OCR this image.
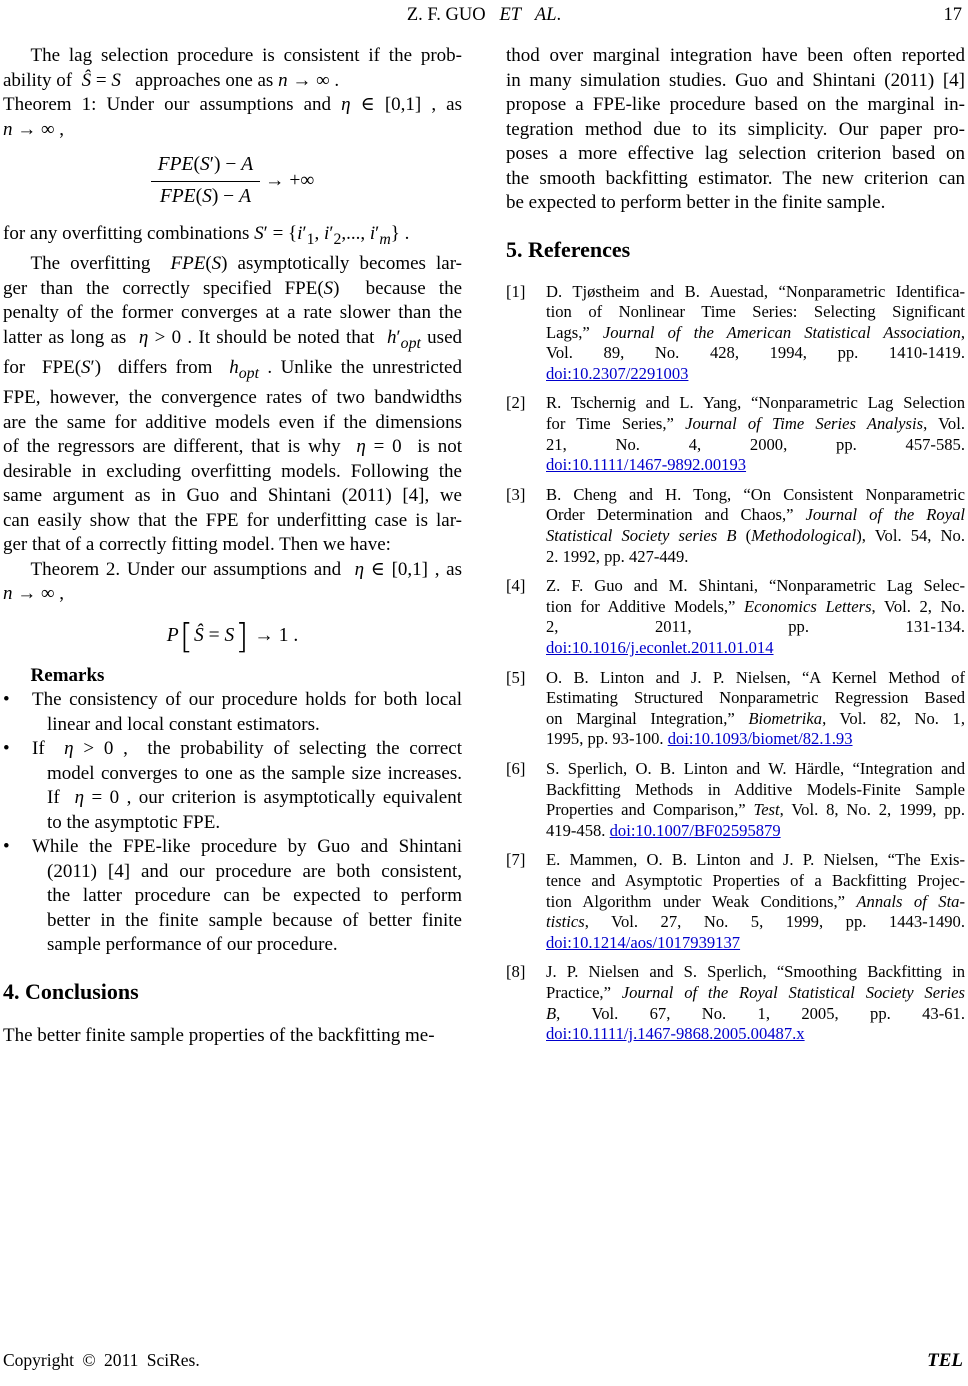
Z. F. GUO   ET AL.	17
The lag selection procedure is consistent if the prob-
ability of  Ŝ = S   approaches one as n → ∞ .
Theorem 1: Under our assumptions and η ∈ [0,1] , as
n → ∞ ,
$\frac{\text{FPE(S′) − A}}{\text{FPE(S) − A}}$ → +∞
for any overfitting combinations $S' = \{i'_1$, $i'_2$,..., $i'_m$} .
The overfitting  FPE(S) asymptotically becomes lar-
ger than the correctly specified FPE(S)  because the
penalty of the former converges at a rate slower than the
latter as long as  η > 0 . It should be noted that  $h'_{opt}$ used
for  FPE(S′)  differs from  $h_{opt}$ . Unlike the unrestricted
FPE, however, the convergence rates of two bandwidths
are the same for additive models even if the dimensions
of the regressors are different, that is why  η = 0  is not
desirable in excluding overfitting models. Following the
same argument as in Guo and Shintani (2011) [4], we
can easily show that the FPE for underfitting case is lar-
ger that of a correctly fitting model. Then we have:
Theorem 2. Under our assumptions and  η ∈ [0,1] , as
n → ∞ ,
P[Ŝ = S] → 1 .
Remarks
•	The consistency of our procedure holds for both local
linear and local constant estimators.
•	If  η > 0 ,  the probability of selecting the correct
model converges to one as the sample size increases.
If  η = 0 , our criterion is asymptotically equivalent
to the asymptotic FPE.
•	While the FPE-like procedure by Guo and Shintani
(2011) [4] and our procedure are both consistent,
the latter procedure can be expected to perform
better in the finite sample because of better finite
sample performance of our procedure.
4. Conclusions
The better finite sample properties of the backfitting me-
thod over marginal integration have been often reported
in many simulation studies. Guo and Shintani (2011) [4]
propose a FPE-like procedure based on the marginal in-
tegration method due to its simplicity. Our paper pro-
poses a more effective lag selection criterion based on
the smooth backfitting estimator. The new criterion can
be expected to perform better in the finite sample.
5. References
[1]	D. Tjøstheim and B. Auestad, “Nonparametric Identifica-
tion of Nonlinear Time Series: Selecting Significant
Lags,” Journal of the American Statistical Association,
Vol. 89, No. 428, 1994, pp. 1410-1419.
doi:10.2307/2291003
[2]	R. Tschernig and L. Yang, “Nonparametric Lag Selection
for Time Series,” Journal of Time Series Analysis, Vol.
21, No. 4, 2000, pp. 457-585.
doi:10.1111/1467-9892.00193
[3]	B. Cheng and H. Tong, “On Consistent Nonparametric
Order Determination and Chaos,” Journal of the Royal
Statistical Society series B (Methodological), Vol. 54, No.
2. 1992, pp. 427-449.
[4]	Z. F. Guo and M. Shintani, “Nonparametric Lag Selec-
tion for Additive Models,” Economics Letters, Vol. 2, No.
2, 2011, pp. 131-134.
doi:10.1016/j.econlet.2011.01.014
[5]	O. B. Linton and J. P. Nielsen, “A Kernel Method of
Estimating Structured Nonparametric Regression Based
on Marginal Integration,” Biometrika, Vol. 82, No. 1,
1995, pp. 93-100. doi:10.1093/biomet/82.1.93
[6]	S. Sperlich, O. B. Linton and W. Härdle, “Integration and
Backfitting Methods in Additive Models-Finite Sample
Properties and Comparison,” Test, Vol. 8, No. 2, 1999, pp.
419-458. doi:10.1007/BF02595879
[7]	E. Mammen, O. B. Linton and J. P. Nielsen, “The Exis-
tence and Asymptotic Properties of a Backfitting Projec-
tion Algorithm under Weak Conditions,” Annals of Sta-
tistics, Vol. 27, No. 5, 1999, pp. 1443-1490.
doi:10.1214/aos/1017939137
[8]	J. P. Nielsen and S. Sperlich, “Smoothing Backfitting in
Practice,” Journal of the Royal Statistical Society Series
B, Vol. 67, No. 1, 2005, pp. 43-61.
doi:10.1111/j.1467-9868.2005.00487.x
Copyright © 2011 SciRes.	TEL
